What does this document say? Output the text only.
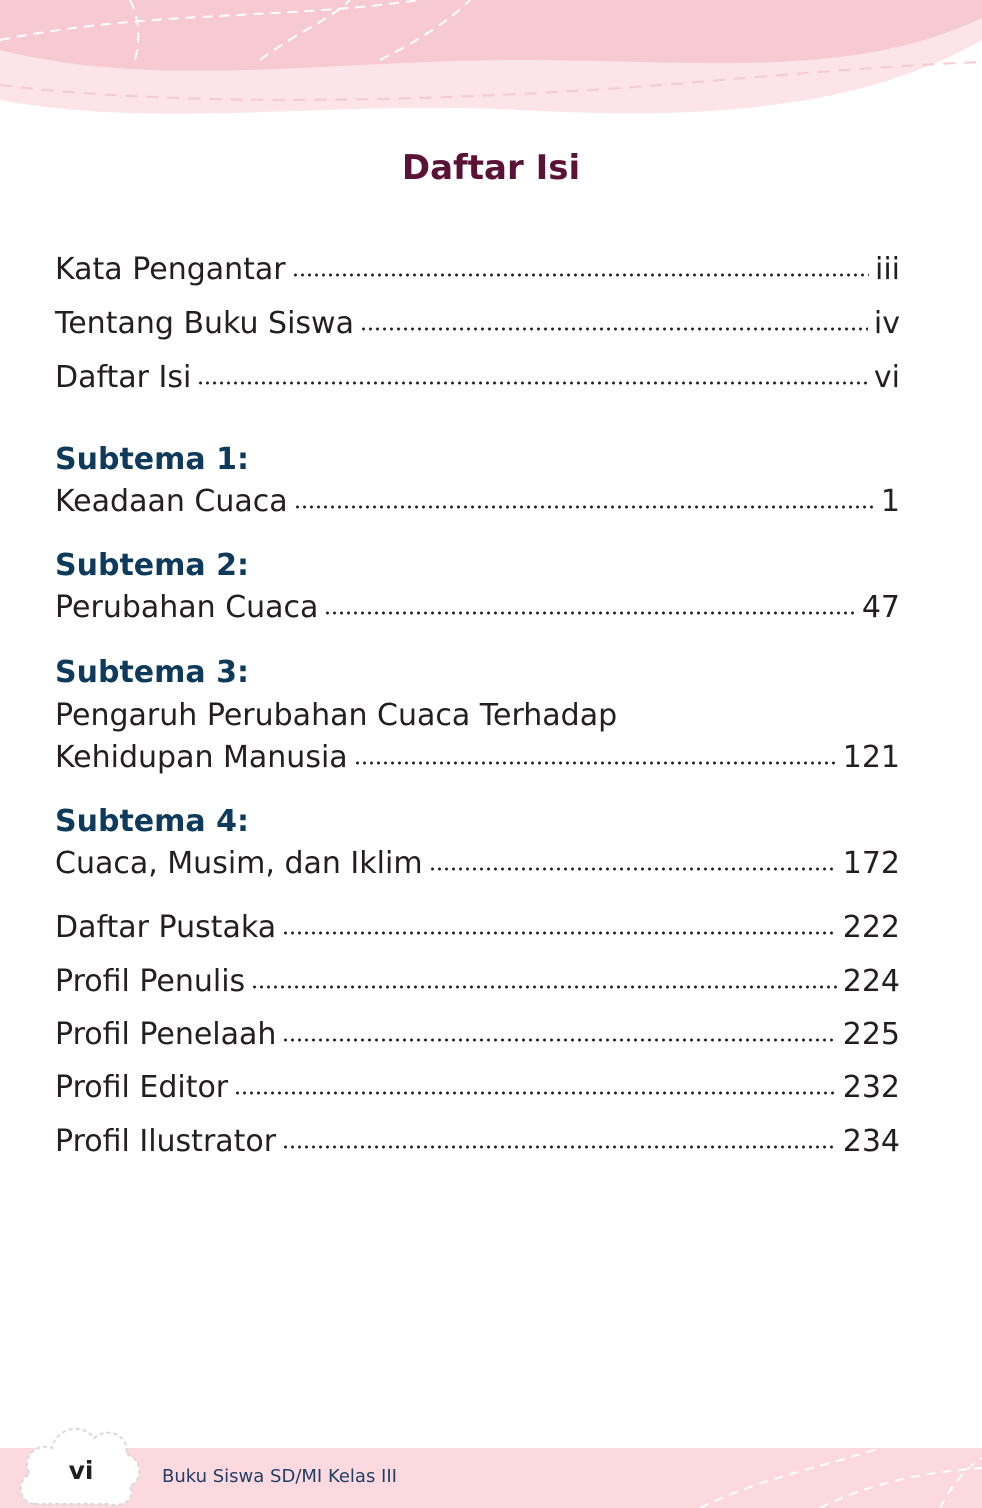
Daftar Isi
Kata Pengantar	iii
Tentang Buku Siswa	iv
Daftar Isi	vi
Subtema 1:
Keadaan Cuaca	1
Subtema 2:
Perubahan Cuaca	47
Subtema 3:
Pengaruh Perubahan Cuaca Terhadap
Kehidupan Manusia	121
Subtema 4:
Cuaca, Musim, dan Iklim	172
Daftar Pustaka	222
Profil Penulis	224
Profil Penelaah	225
Profil Editor	232
Profil Ilustrator	234
vi	Buku Siswa SD/MI Kelas III
